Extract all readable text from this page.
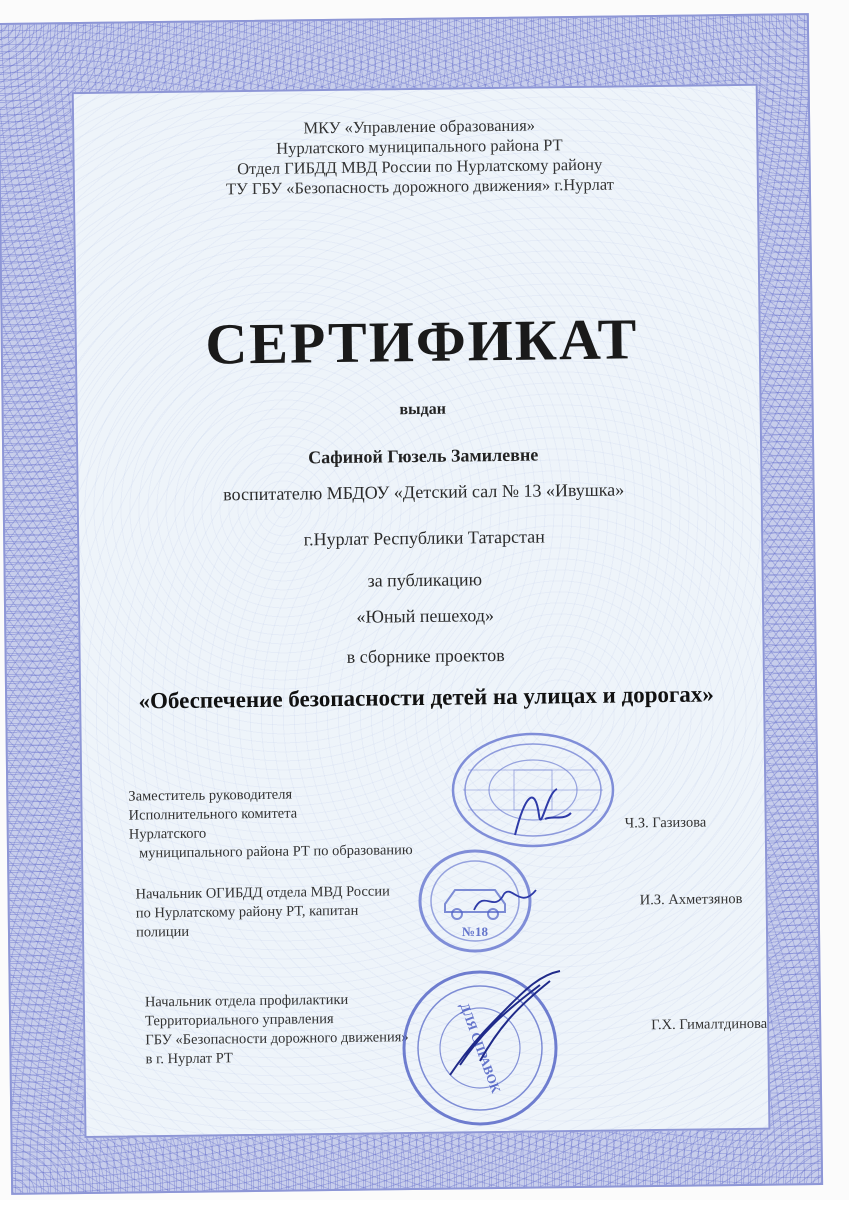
МКУ «Управление образования»
Нурлатского муниципального района РТ
Отдел ГИБДД МВД России по Нурлатскому району
ТУ ГБУ «Безопасность дорожного движения» г.Нурлат
СЕРТИФИКАТ
выдан
Сафиной Гюзель Замилевне
воспитателю МБДОУ «Детский сал № 13 «Ивушка»
г.Нурлат Республики Татарстан
за публикацию
«Юный пешеход»
в сборнике проектов
«Обеспечение безопасности детей на улицах и дорогах»
Заместитель руководителя
Исполнительного комитета
Нурлатского
муниципального района РТ по образованию
Ч.З. Газизова
Начальник ОГИБДД отдела МВД России
по Нурлатскому району РТ, капитан
полиции
И.З. Ахметзянов
Начальник отдела профилактики
Территориального управления
ГБУ «Безопасности дорожного движения»
в г. Нурлат РТ
Г.Х. Гималтдинова
№18
ДЛЯ СПРАВОК
